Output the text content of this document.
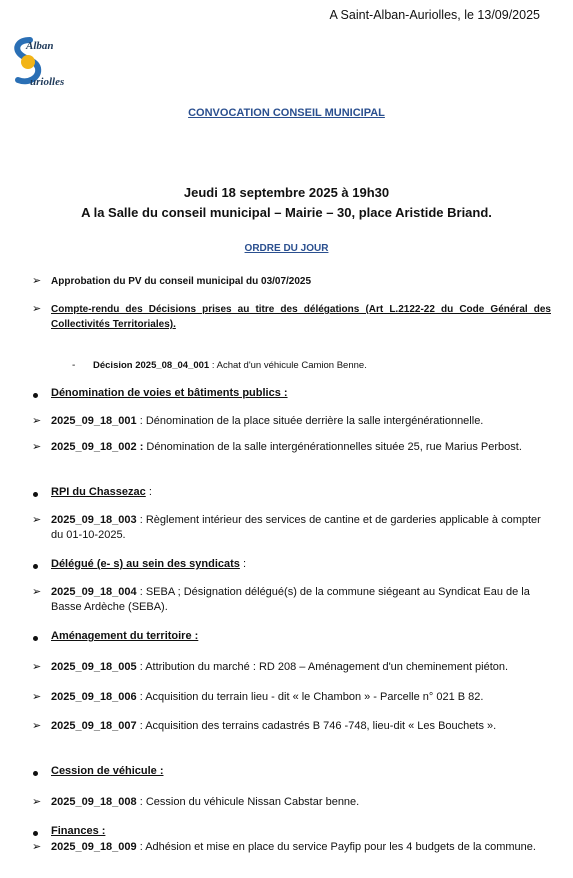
A Saint-Alban-Auriolles, le 13/09/2025
Alban
uriolles
CONVOCATION CONSEIL MUNICIPAL
Jeudi 18 septembre 2025 à 19h30
A la Salle du conseil municipal – Mairie – 30, place Aristide Briand.
ORDRE DU JOUR
➢ Approbation du PV du conseil municipal du 03/07/2025
➢ Compte-rendu des Décisions prises au titre des délégations (Art L.2122-22 du Code Général des Collectivités Territoriales).
- Décision 2025_08_04_001 : Achat d'un véhicule Camion Benne.
Dénomination de voies et bâtiments publics :
➢ 2025_09_18_001 : Dénomination de la place située derrière la salle intergénérationnelle.
➢ 2025_09_18_002 : Dénomination de la salle intergénérationnelles située 25, rue Marius Perbost.
RPI du Chassezac :
➢ 2025_09_18_003 : Règlement intérieur des services de cantine et de garderies applicable à compter du 01-10-2025.
Délégué (e- s) au sein des syndicats :
➢ 2025_09_18_004 : SEBA ; Désignation délégué(s) de la commune siégeant au Syndicat Eau de la Basse Ardèche (SEBA).
Aménagement du territoire :
➢ 2025_09_18_005 : Attribution du marché : RD 208 – Aménagement d'un cheminement piéton.
➢ 2025_09_18_006 : Acquisition du terrain lieu - dit « le Chambon » - Parcelle n° 021 B 82.
➢ 2025_09_18_007 : Acquisition des terrains cadastrés B 746 -748, lieu-dit « Les Bouchets ».
Cession de véhicule :
➢ 2025_09_18_008 : Cession du véhicule Nissan Cabstar benne.
Finances :
➢ 2025_09_18_009 : Adhésion et mise en place du service Payfip pour les 4 budgets de la commune.
